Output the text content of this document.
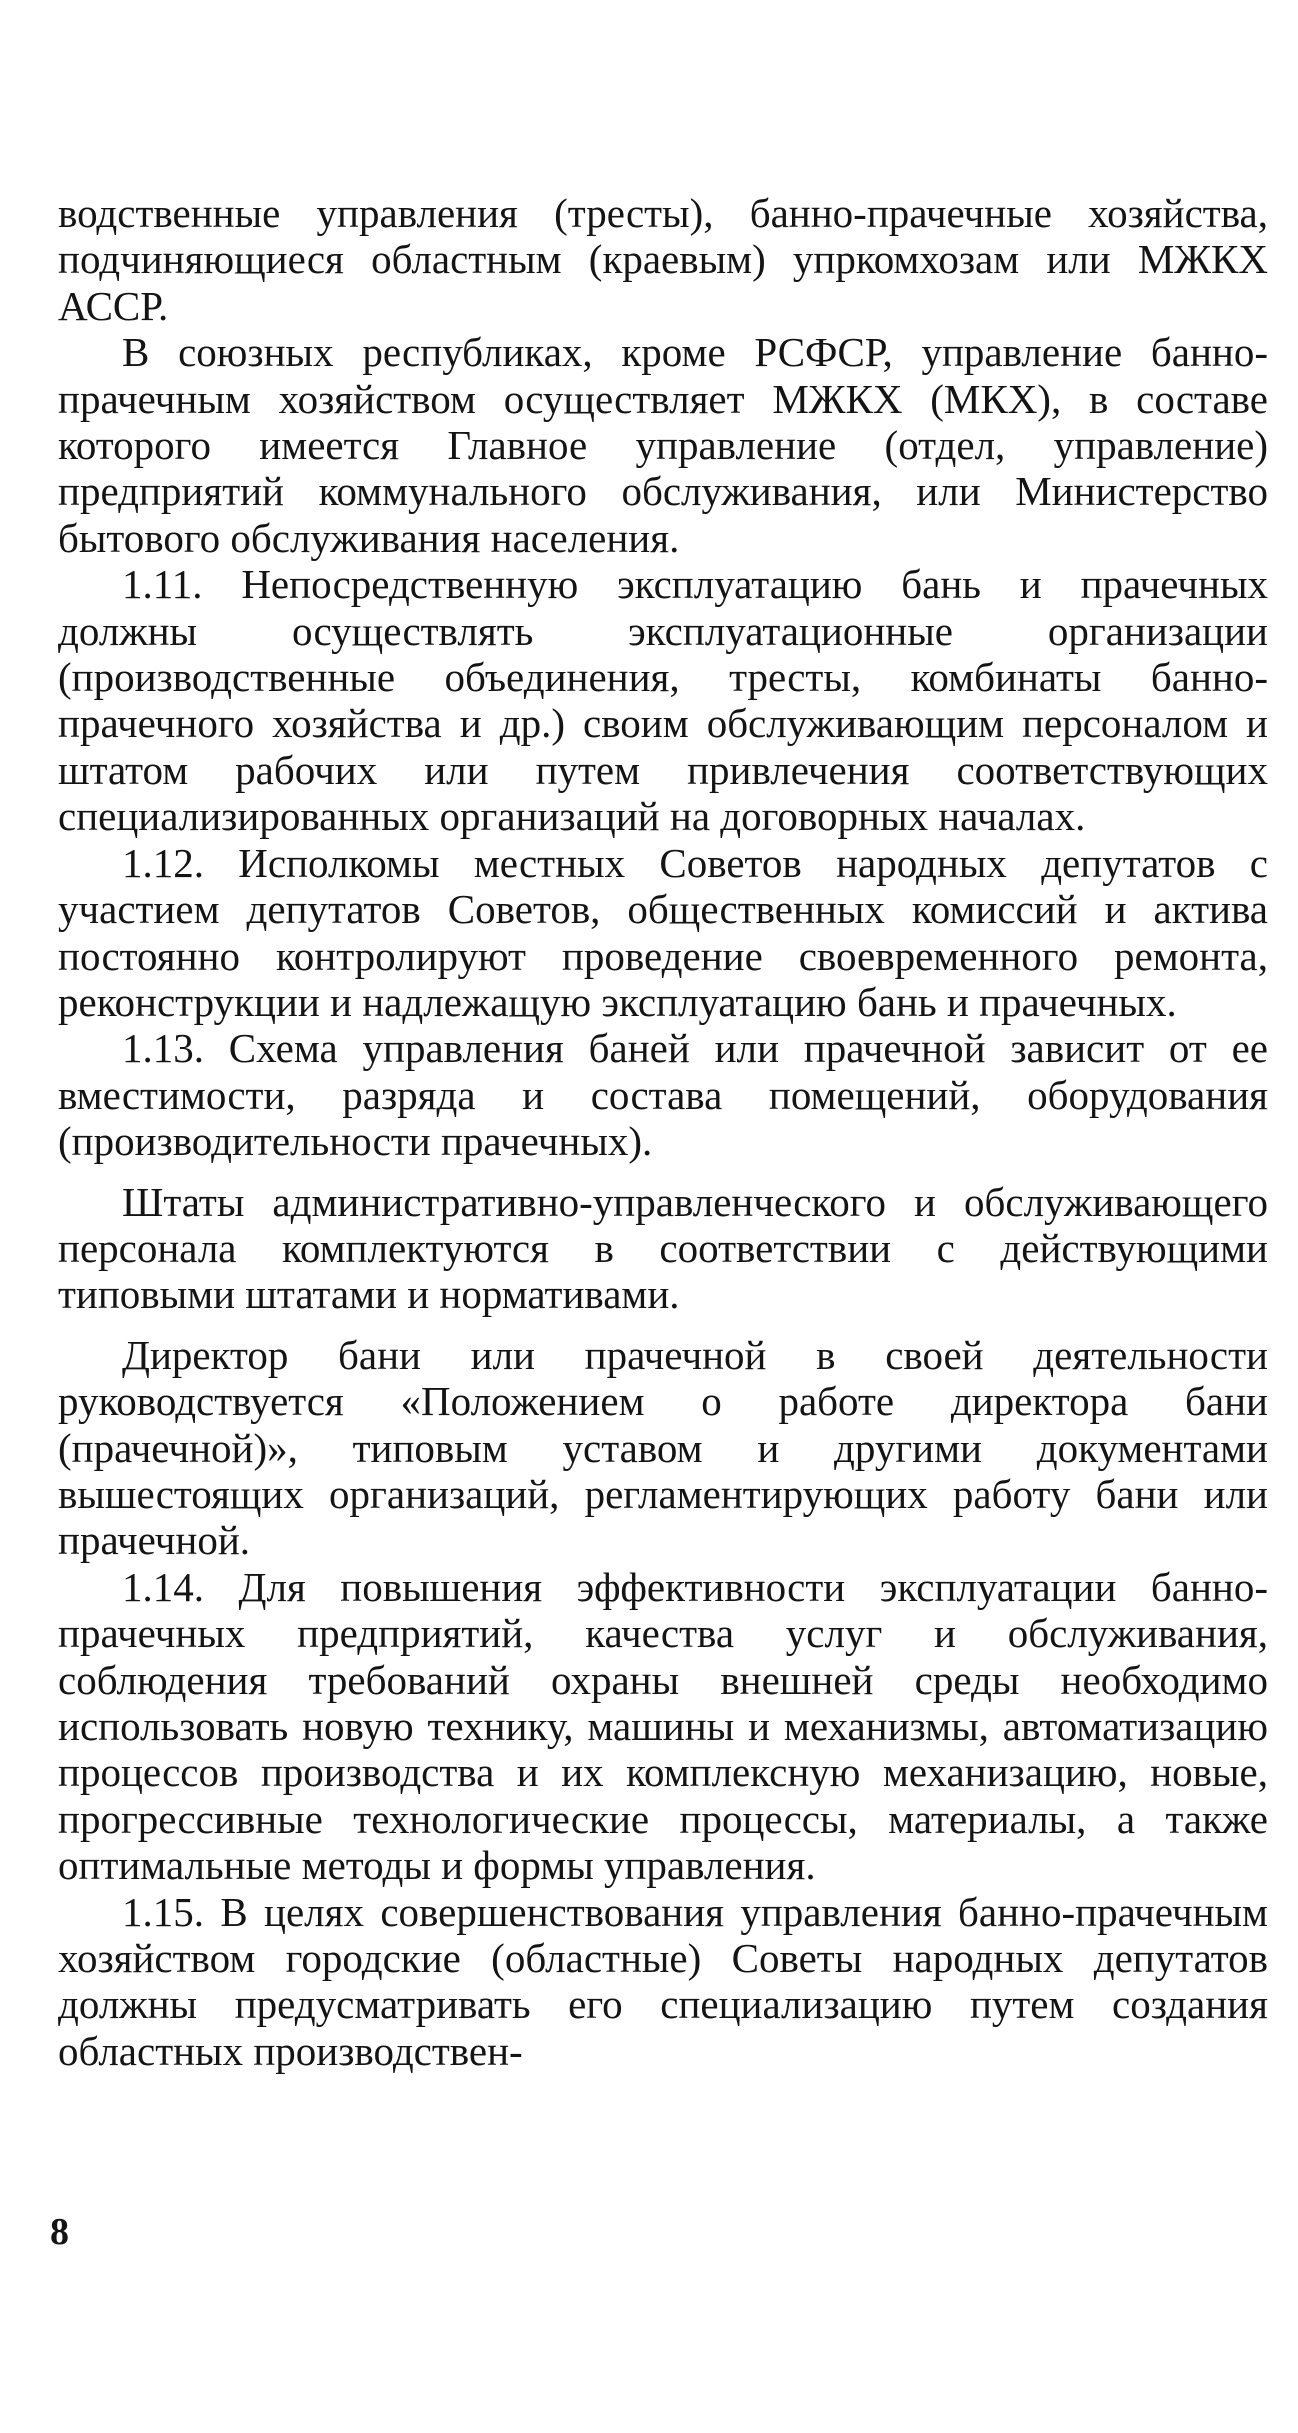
водственные управления (тресты), банно-прачечные хозяйства, подчиняющиеся областным (краевым) упркомхозам или МЖКХ АССР.

В союзных республиках, кроме РСФСР, управление банно-прачечным хозяйством осуществляет МЖКХ (МКХ), в составе которого имеется Главное управление (отдел, управление) предприятий коммунального обслуживания, или Министерство бытового обслуживания населения.

1.11. Непосредственную эксплуатацию бань и прачечных должны осуществлять эксплуатационные организации (производственные объединения, тресты, комбинаты банно-прачечного хозяйства и др.) своим обслуживающим персоналом и штатом рабочих или путем привлечения соответствующих специализированных организаций на договорных началах.

1.12. Исполкомы местных Советов народных депутатов с участием депутатов Советов, общественных комиссий и актива постоянно контролируют проведение своевременного ремонта, реконструкции и надлежащую эксплуатацию бань и прачечных.

1.13. Схема управления баней или прачечной зависит от ее вместимости, разряда и состава помещений, оборудования (производительности прачечных).

Штаты административно-управленческого и обслуживающего персонала комплектуются в соответствии с действующими типовыми штатами и нормативами.

Директор бани или прачечной в своей деятельности руководствуется «Положением о работе директора бани (прачечной)», типовым уставом и другими документами вышестоящих организаций, регламентирующих работу бани или прачечной.

1.14. Для повышения эффективности эксплуатации банно-прачечных предприятий, качества услуг и обслуживания, соблюдения требований охраны внешней среды необходимо использовать новую технику, машины и механизмы, автоматизацию процессов производства и их комплексную механизацию, новые, прогрессивные технологические процессы, материалы, а также оптимальные методы и формы управления.

1.15. В целях совершенствования управления банно-прачечным хозяйством городские (областные) Советы народных депутатов должны предусматривать его специализацию путем создания областных производствен-

8
